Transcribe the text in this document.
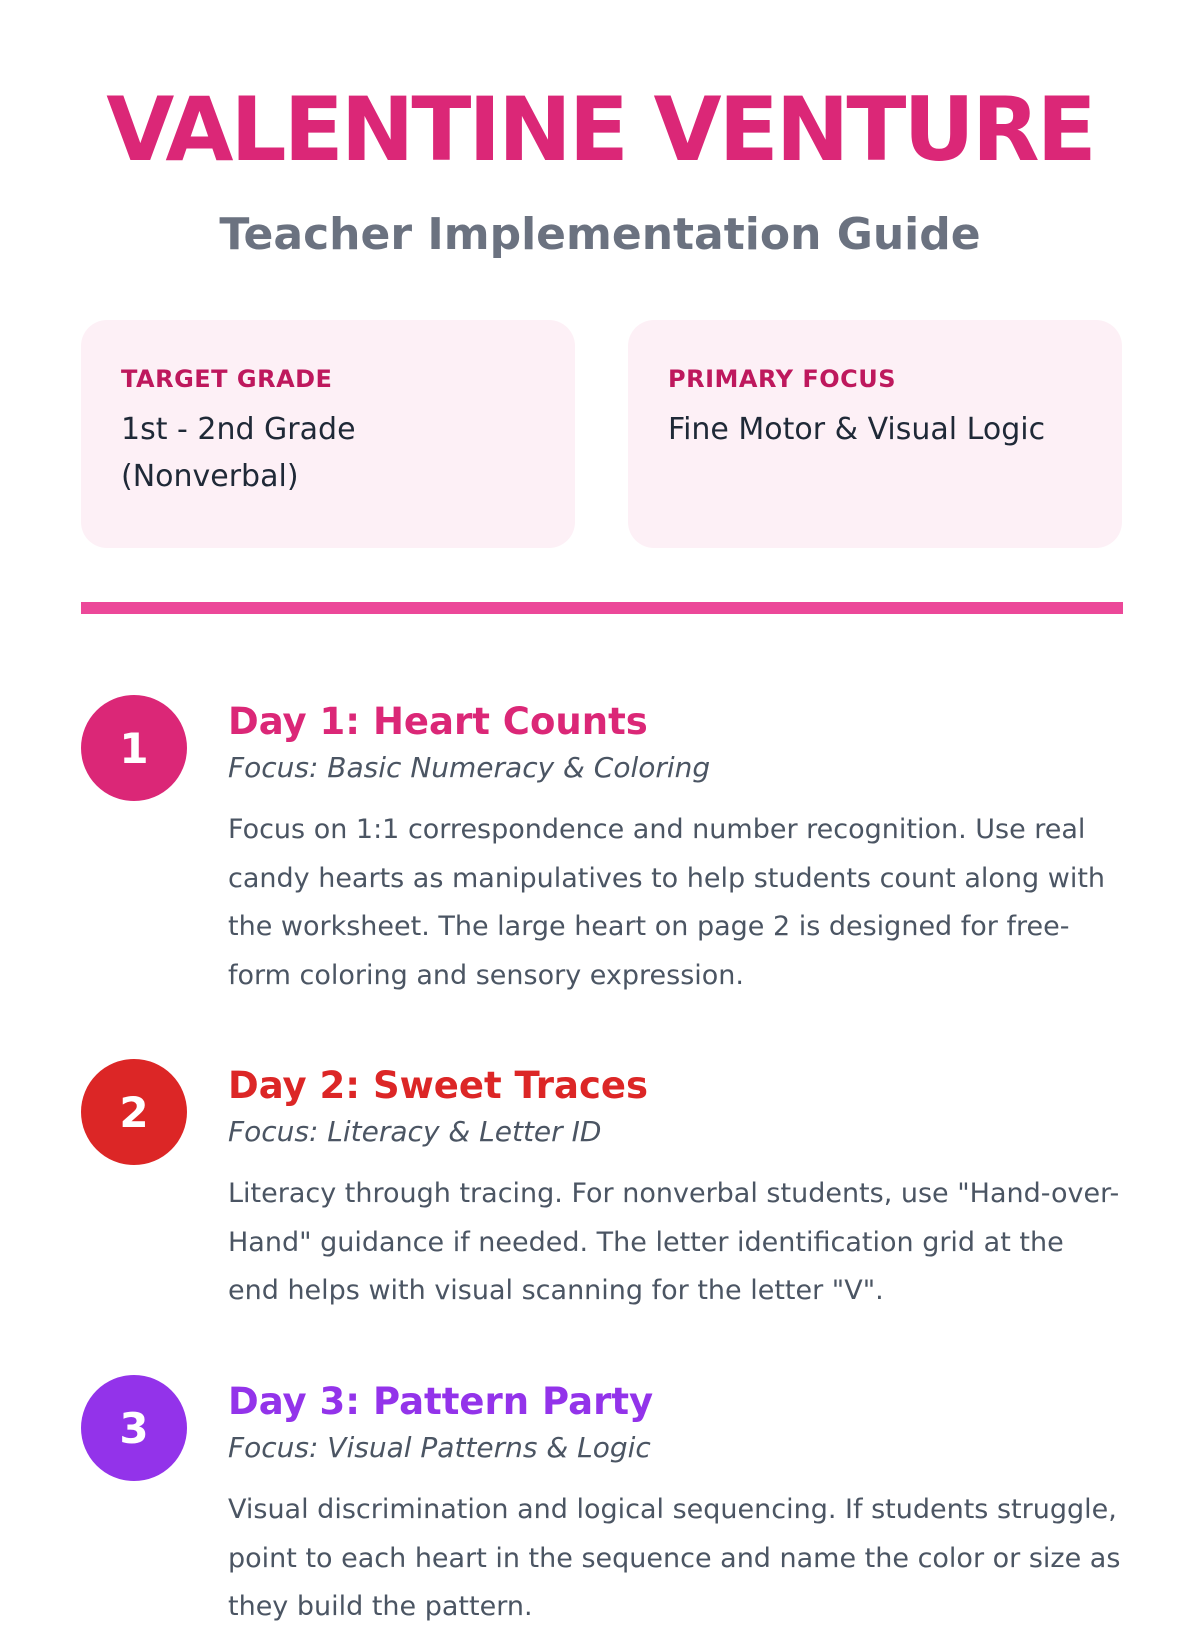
VALENTINE VENTURE
Teacher Implementation Guide
TARGET GRADE
1st - 2nd Grade
(Nonverbal)
PRIMARY FOCUS
Fine Motor & Visual Logic
1
Day 1: Heart Counts
Focus: Basic Numeracy & Coloring

Focus on 1:1 correspondence and number recognition. Use real candy hearts as manipulatives to help students count along with the worksheet. The large heart on page 2 is designed for free-form coloring and sensory expression.

2
Day 2: Sweet Traces
Focus: Literacy & Letter ID

Literacy through tracing. For nonverbal students, use "Hand-over-Hand" guidance if needed. The letter identification grid at the end helps with visual scanning for the letter "V".

3
Day 3: Pattern Party
Focus: Visual Patterns & Logic

Visual discrimination and logical sequencing. If students struggle, point to each heart in the sequence and name the color or size as they build the pattern.
